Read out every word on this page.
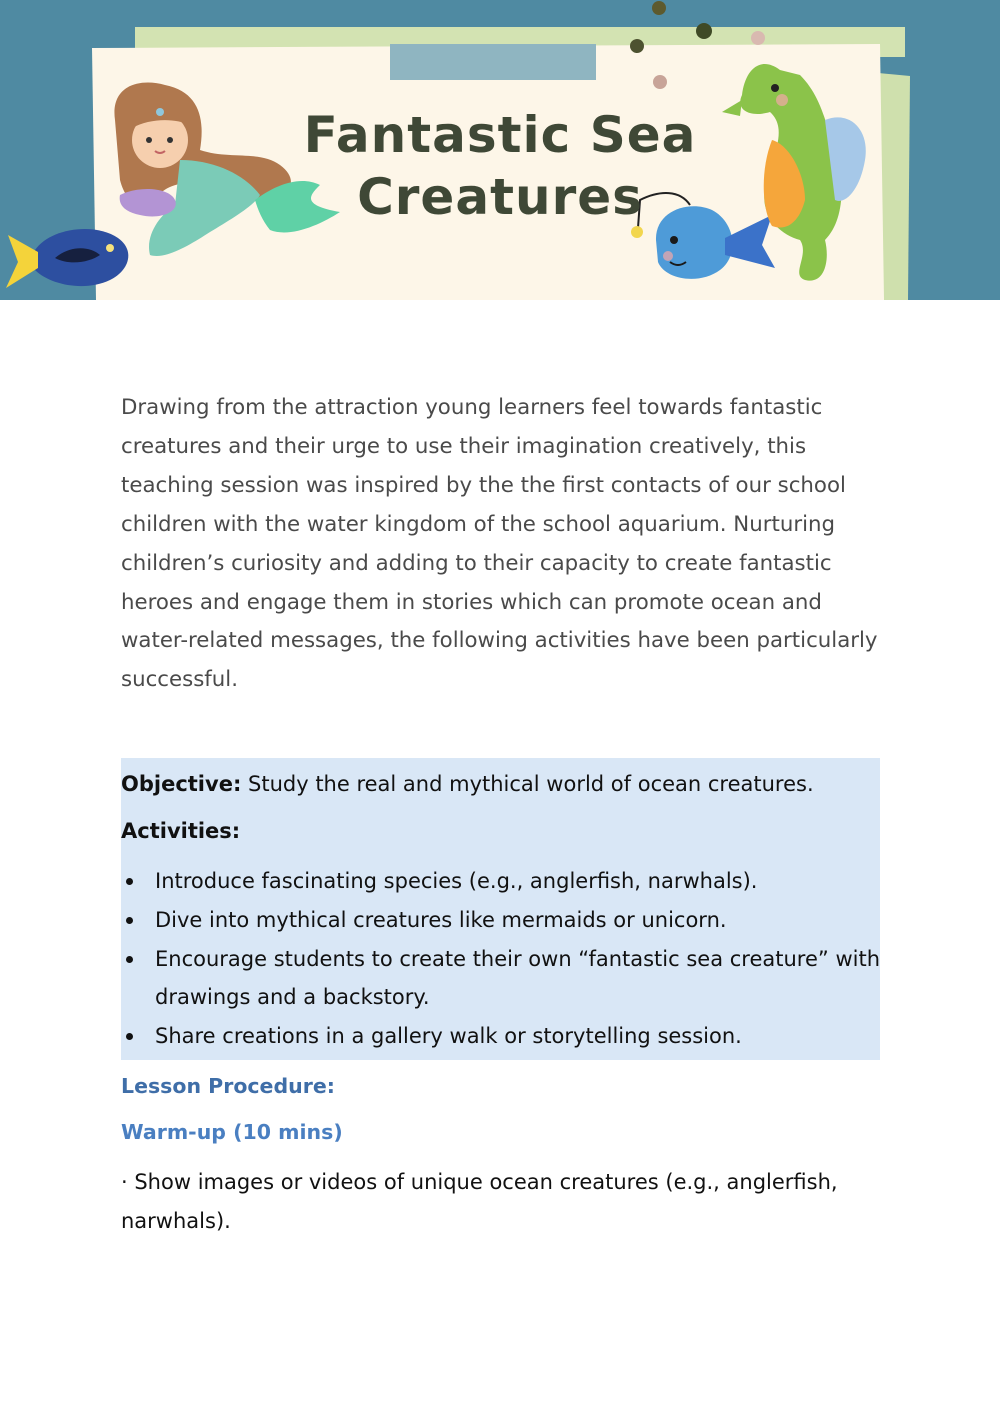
Fantastic Sea
Creatures

Drawing from the attraction young learners feel towards fantastic creatures and their urge to use their imagination creatively, this teaching session was inspired by the the first contacts of our school children with the water kingdom of the school aquarium. Nurturing children’s curiosity and adding to their capacity to create fantastic heroes and engage them in stories which can promote ocean and water-related messages, the following activities have been particularly successful.

Objective: Study the real and mythical world of ocean creatures.

Activities:

Introduce fascinating species (e.g., anglerfish, narwhals).
Dive into mythical creatures like mermaids or unicorn.
Encourage students to create their own “fantastic sea creature” with drawings and a backstory.
Share creations in a gallery walk or storytelling session.
Lesson Procedure:
Warm-up (10 mins)

· Show images or videos of unique ocean creatures (e.g., anglerfish, narwhals).
